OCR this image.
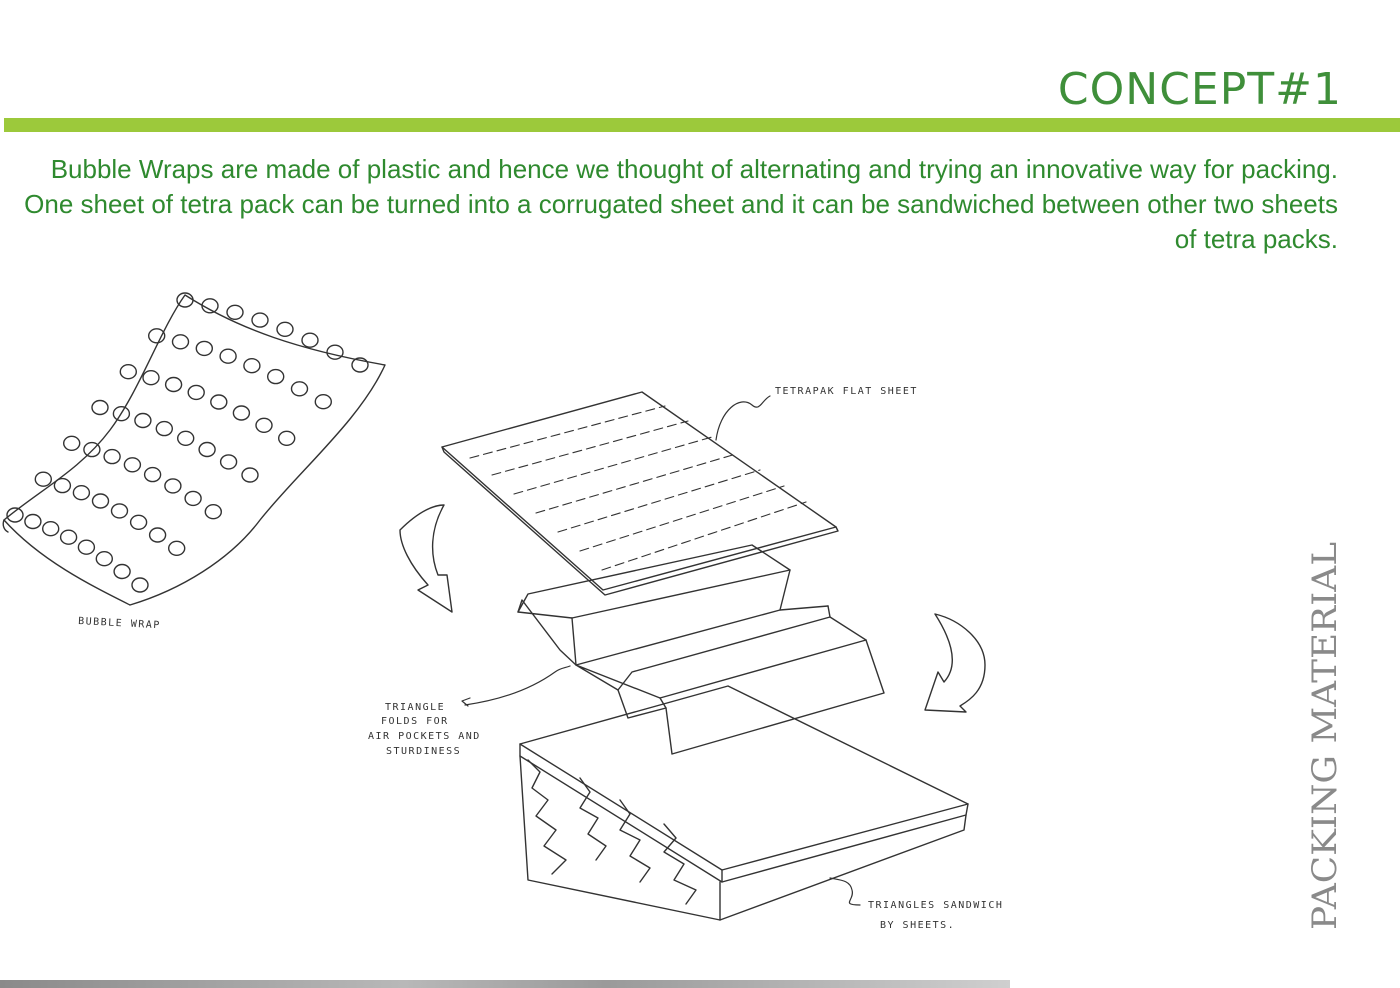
CONCEPT#1

Bubble Wraps are made of plastic and hence we thought of alternating and trying an innovative way for packing. One sheet of tetra pack can be turned into a corrugated sheet and it can be sandwiched between other two sheets of tetra packs.

BUBBLE WRAP
TETRAPAK FLAT SHEET
TRIANGLE
FOLDS FOR
AIR POCKETS AND
STURDINESS
TRIANGLES SANDWICH
BY SHEETS.	PACKING MATERIAL
